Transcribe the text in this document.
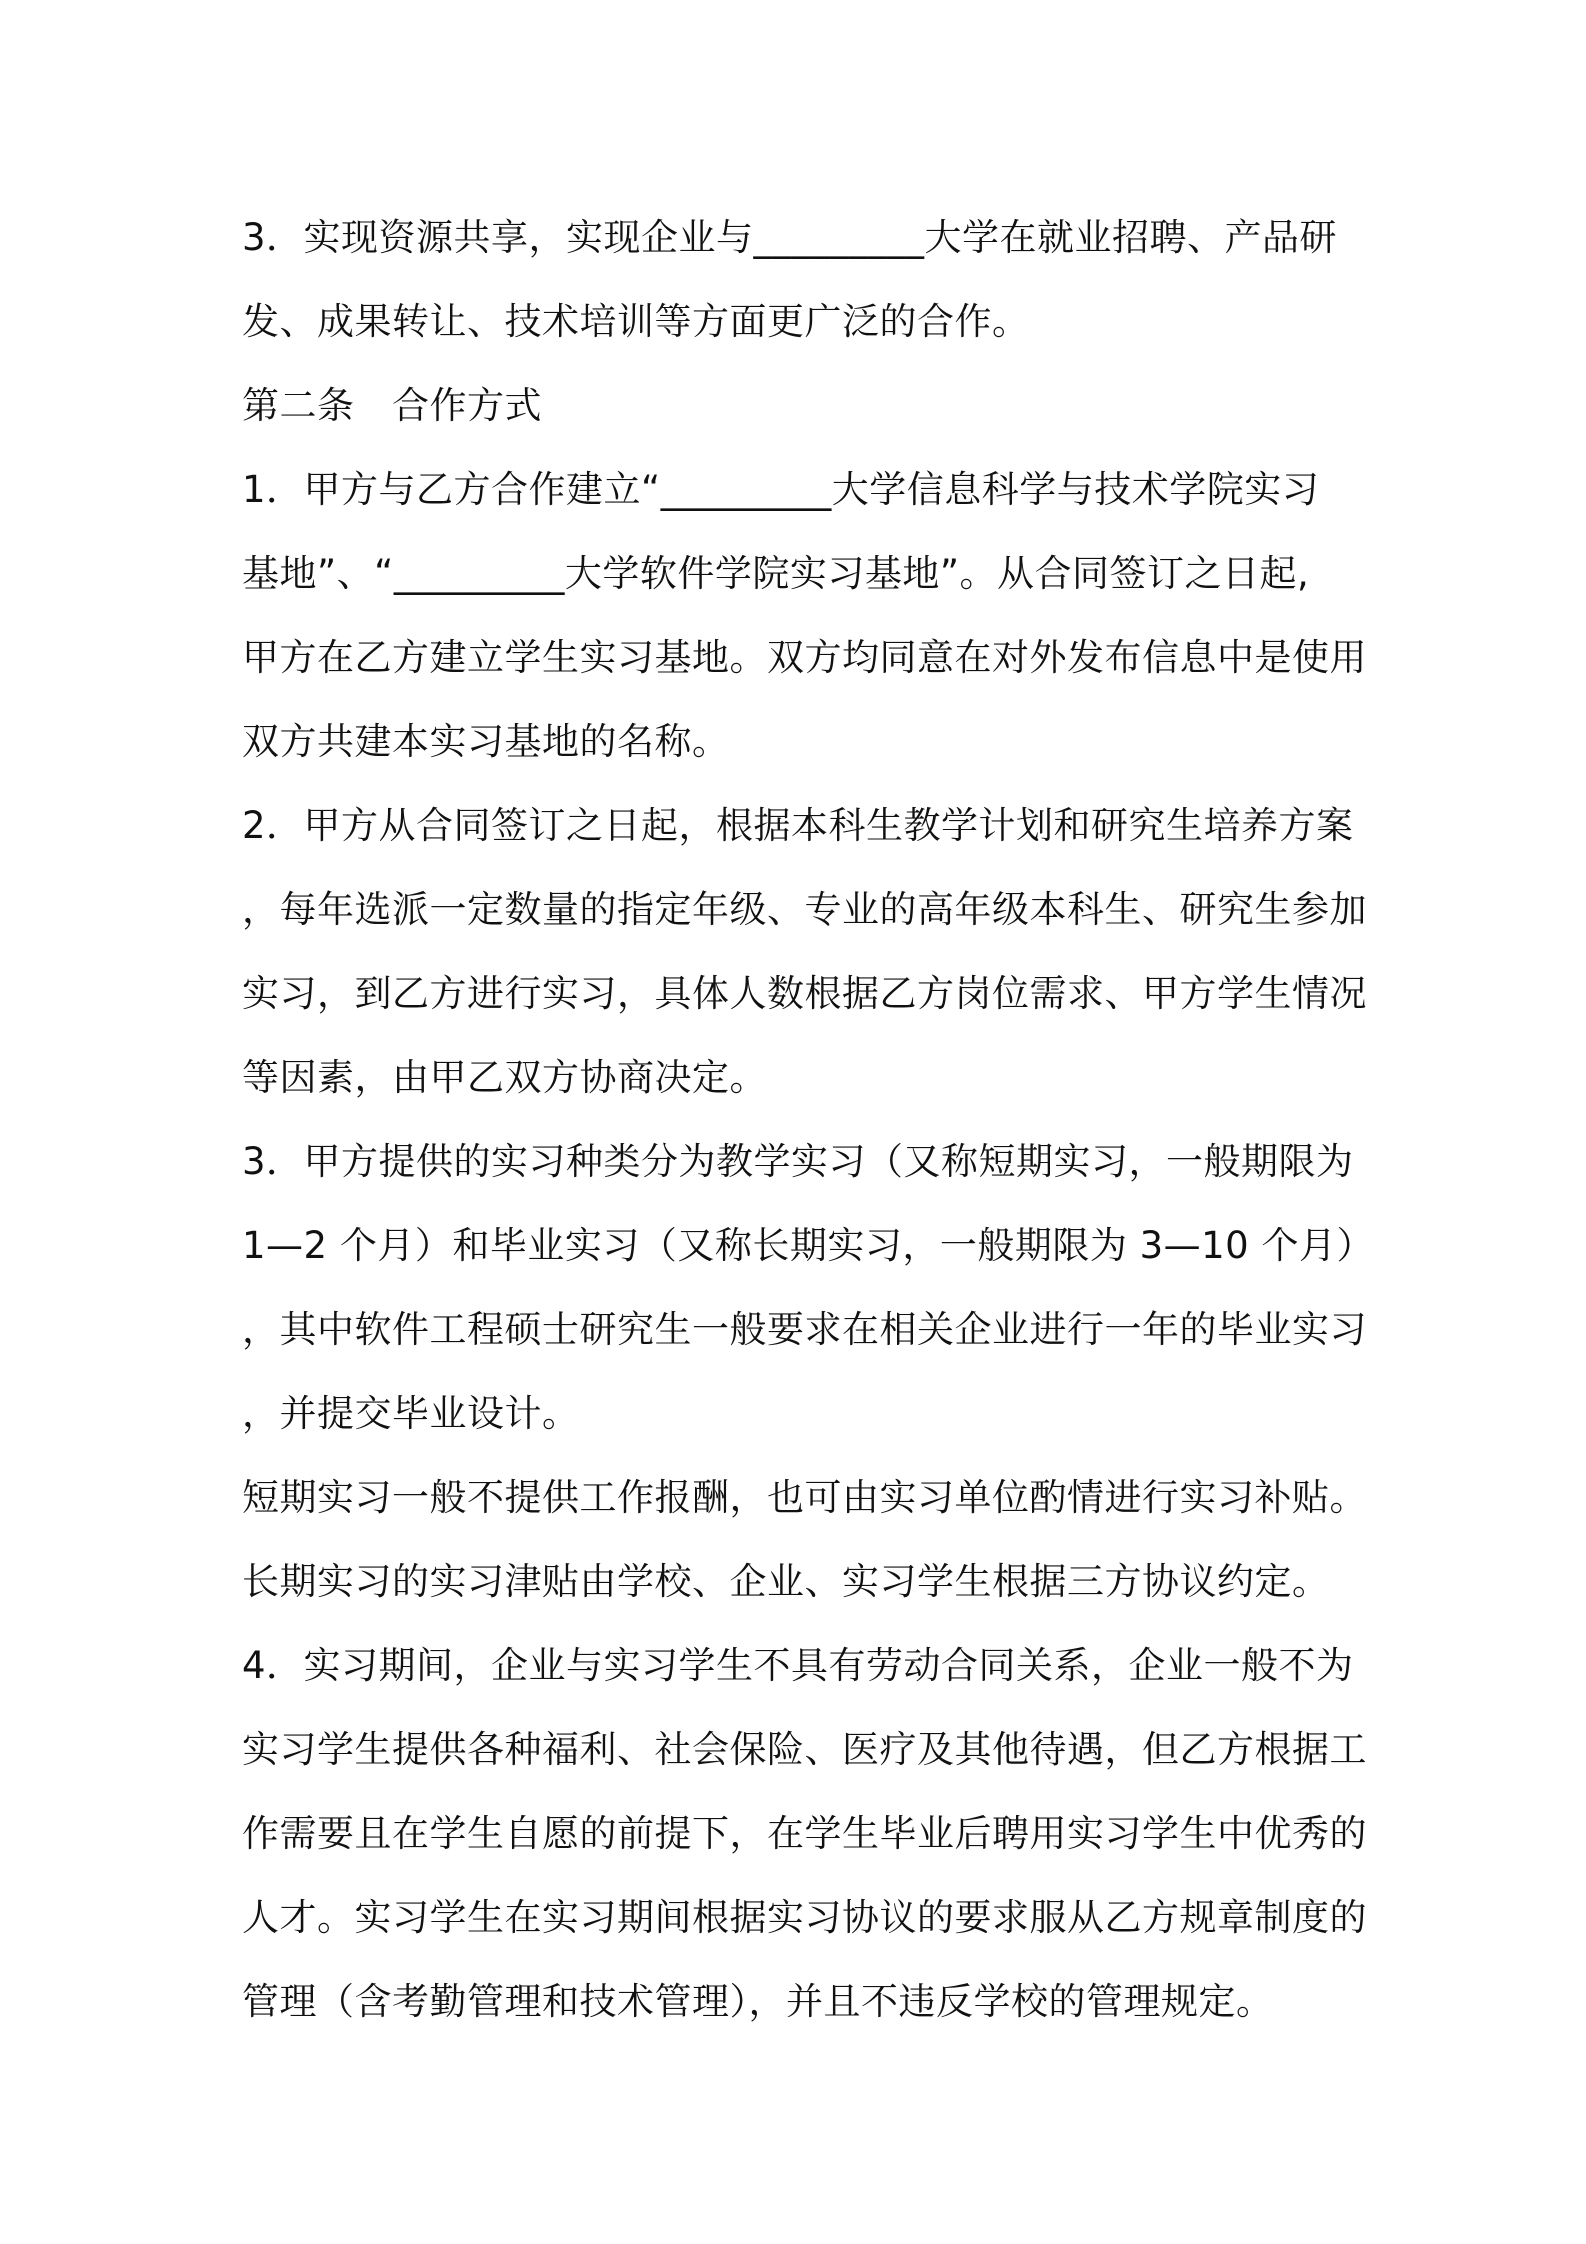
3．实现资源共享，实现企业与_________大学在就业招聘、产品研
发、成果转让、技术培训等方面更广泛的合作。
第二条　合作方式
1．甲方与乙方合作建立“_________大学信息科学与技术学院实习
基地”、“_________大学软件学院实习基地”。从合同签订之日起,
甲方在乙方建立学生实习基地。双方均同意在对外发布信息中是使用
双方共建本实习基地的名称。
2．甲方从合同签订之日起，根据本科生教学计划和研究生培养方案
，每年选派一定数量的指定年级、专业的高年级本科生、研究生参加
实习，到乙方进行实习，具体人数根据乙方岗位需求、甲方学生情况
等因素，由甲乙双方协商决定。
3．甲方提供的实习种类分为教学实习（又称短期实习，一般期限为
1—2 个月）和毕业实习（又称长期实习，一般期限为 3—10 个月）
，其中软件工程硕士研究生一般要求在相关企业进行一年的毕业实习
，并提交毕业设计。
短期实习一般不提供工作报酬，也可由实习单位酌情进行实习补贴。
长期实习的实习津贴由学校、企业、实习学生根据三方协议约定。
4．实习期间，企业与实习学生不具有劳动合同关系，企业一般不为
实习学生提供各种福利、社会保险、医疗及其他待遇，但乙方根据工
作需要且在学生自愿的前提下，在学生毕业后聘用实习学生中优秀的
人才。实习学生在实习期间根据实习协议的要求服从乙方规章制度的
管理（含考勤管理和技术管理），并且不违反学校的管理规定。
